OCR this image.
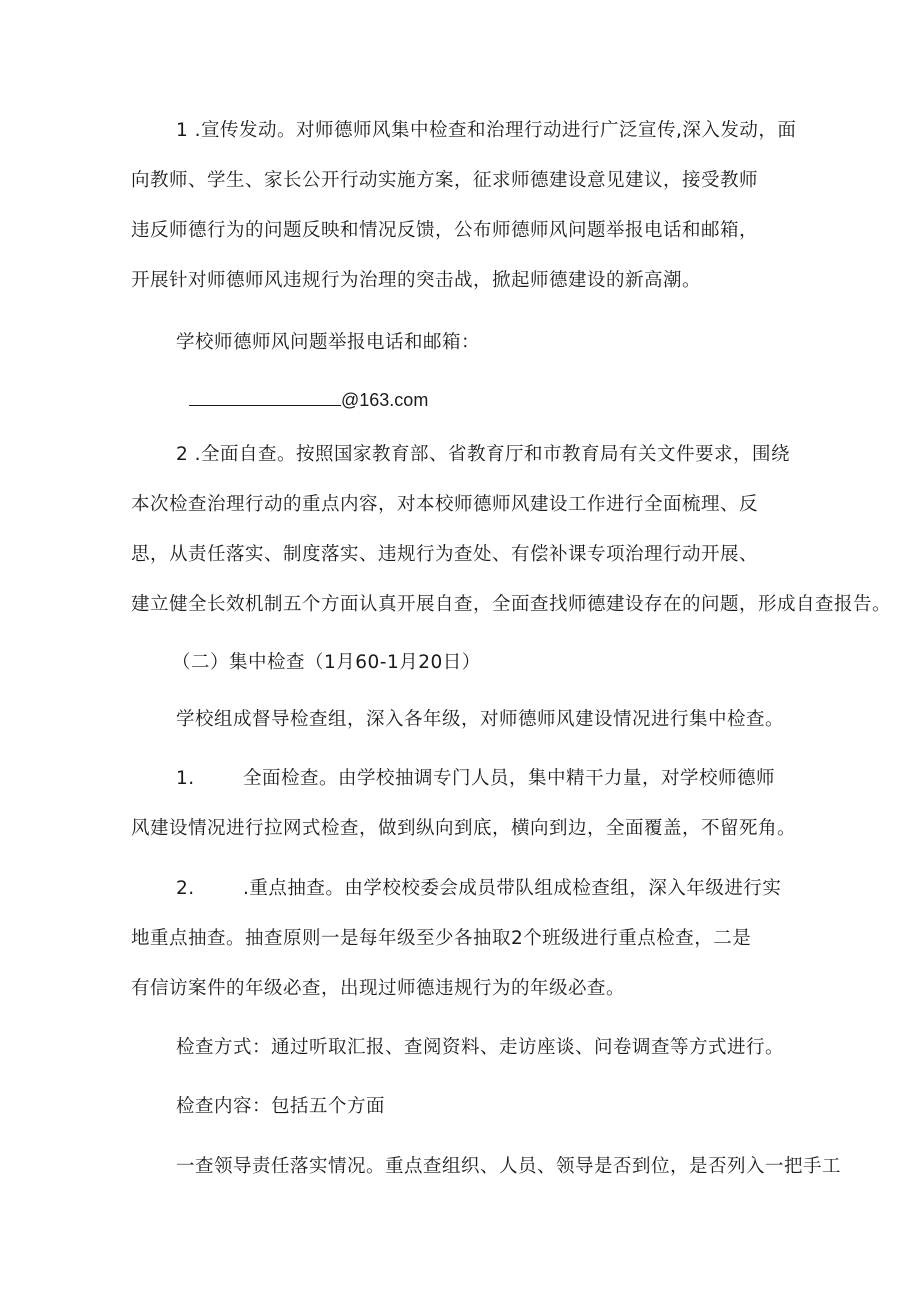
1 .宣传发动。对师德师风集中检查和治理行动进行广泛宣传,深入发动，面
向教师、学生、家长公开行动实施方案，征求师德建设意见建议，接受教师
违反师德行为的问题反映和情况反馈，公布师德师风问题举报电话和邮箱，
开展针对师德师风违规行为治理的突击战，掀起师德建设的新高潮。
学校师德师风问题举报电话和邮箱：
@163.com
2 .全面自查。按照国家教育部、省教育厅和市教育局有关文件要求，围绕
本次检查治理行动的重点内容，对本校师德师风建设工作进行全面梳理、反
思，从责任落实、制度落实、违规行为查处、有偿补课专项治理行动开展、
建立健全长效机制五个方面认真开展自查，全面查找师德建设存在的问题，形成自查报告。
（二）集中检查（1月60-1月20日）
学校组成督导检查组，深入各年级，对师德师风建设情况进行集中检查。
1.	全面检查。由学校抽调专门人员，集中精干力量，对学校师德师
风建设情况进行拉网式检查，做到纵向到底，横向到边，全面覆盖，不留死角。
2.	.重点抽查。由学校校委会成员带队组成检查组，深入年级进行实
地重点抽查。抽查原则一是每年级至少各抽取2个班级进行重点检查，二是
有信访案件的年级必查，出现过师德违规行为的年级必查。
检查方式：通过听取汇报、查阅资料、走访座谈、问卷调查等方式进行。
检查内容：包括五个方面
一查领导责任落实情况。重点查组织、人员、领导是否到位，是否列入一把手工
